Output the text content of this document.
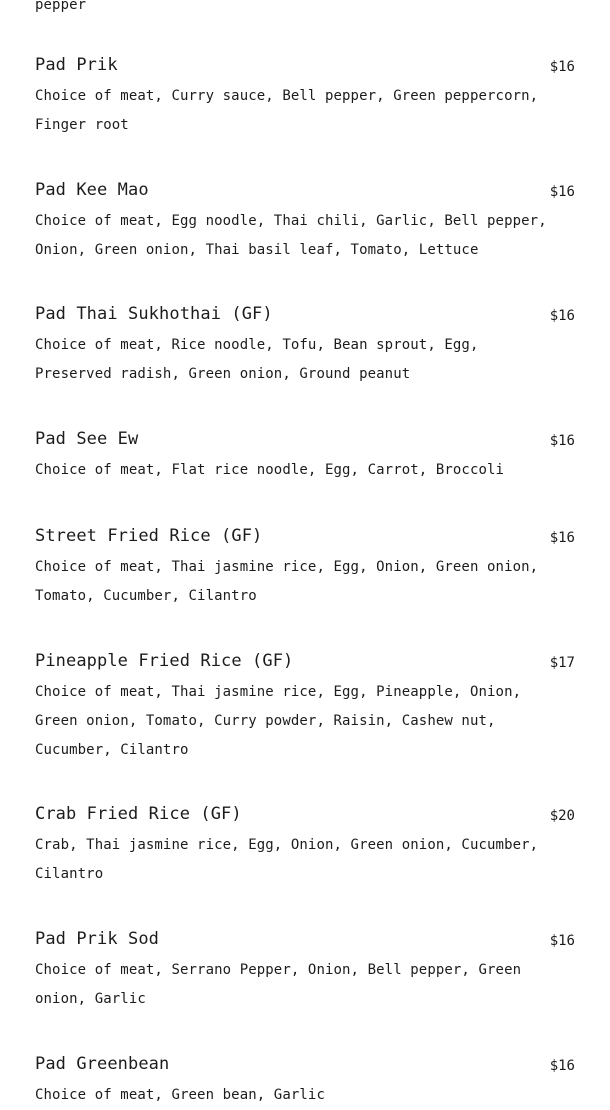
pepper
Pad Prik	$16
Choice of meat, Curry sauce, Bell pepper, Green peppercorn,
Finger root
Pad Kee Mao	$16
Choice of meat, Egg noodle, Thai chili, Garlic, Bell pepper,
Onion, Green onion, Thai basil leaf, Tomato, Lettuce
Pad Thai Sukhothai (GF)	$16
Choice of meat, Rice noodle, Tofu, Bean sprout, Egg,
Preserved radish, Green onion, Ground peanut
Pad See Ew	$16
Choice of meat, Flat rice noodle, Egg, Carrot, Broccoli
Street Fried Rice (GF)	$16
Choice of meat, Thai jasmine rice, Egg, Onion, Green onion,
Tomato, Cucumber, Cilantro
Pineapple Fried Rice (GF)	$17
Choice of meat, Thai jasmine rice, Egg, Pineapple, Onion,
Green onion, Tomato, Curry powder, Raisin, Cashew nut,
Cucumber, Cilantro
Crab Fried Rice (GF)	$20
Crab, Thai jasmine rice, Egg, Onion, Green onion, Cucumber,
Cilantro
Pad Prik Sod	$16
Choice of meat, Serrano Pepper, Onion, Bell pepper, Green
onion, Garlic
Pad Greenbean	$16
Choice of meat, Green bean, Garlic
